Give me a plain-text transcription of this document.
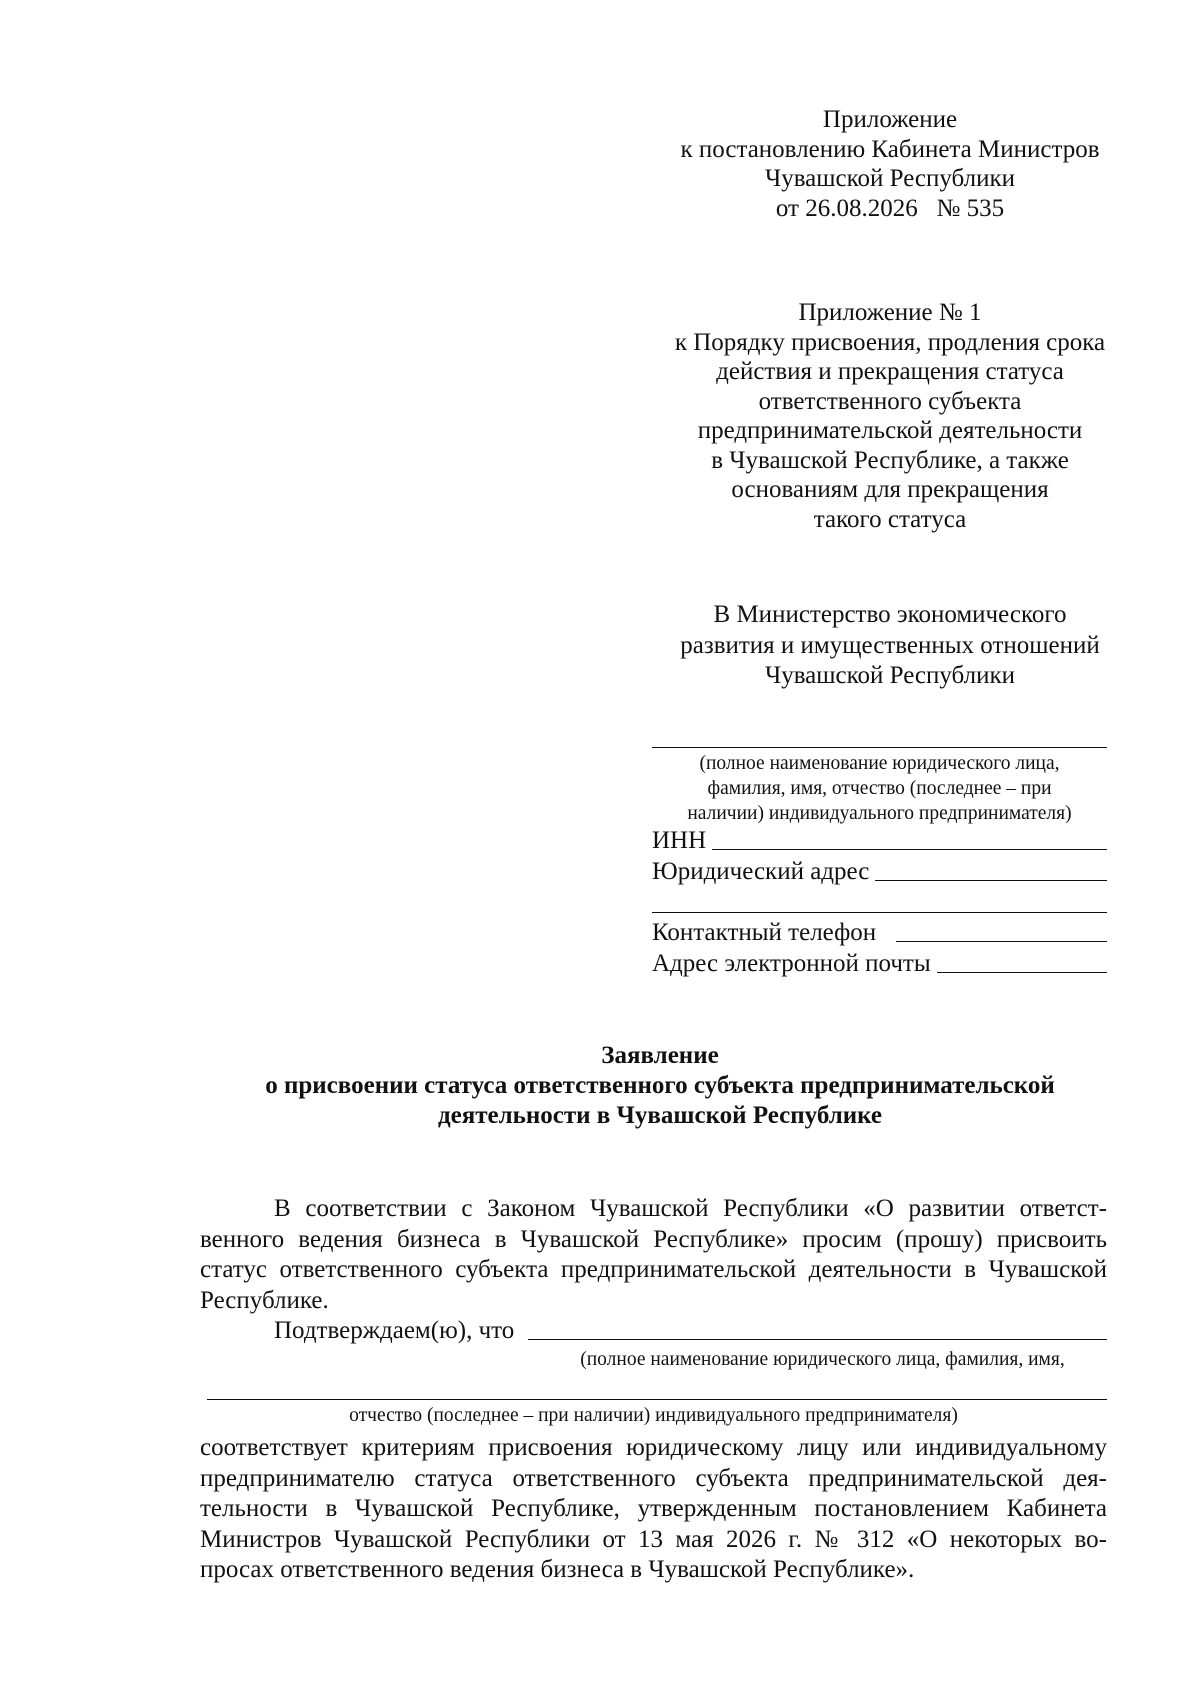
Приложение
к постановлению Кабинета Министров
Чувашской Республики
от 26.08.2026   № 535
Приложение № 1
к Порядку присвоения, продления срока
действия и прекращения статуса
ответственного субъекта
предпринимательской деятельности
в Чувашской Республике, а также
основаниям для прекращения
такого статуса
В Министерство экономического
развития и имущественных отношений
Чувашской Республики
(полное наименование юридического лица,
фамилия, имя, отчество (последнее – при
наличии) индивидуального предпринимателя)
ИНН
Юридический адрес
Контактный телефон
Адрес электронной почты
Заявление
о присвоении статуса ответственного субъекта предпринимательской
деятельности в Чувашской Республике
В соответствии с Законом Чувашской Республики «О развитии ответст- венного ведения бизнеса в Чувашской Республике» просим (прошу) присвоить статус ответственного субъекта предпринимательской деятельности в Чувашской Республике.
Подтверждаем(ю), что
(полное наименование юридического лица, фамилия, имя,
отчество (последнее – при наличии) индивидуального предпринимателя)
соответствует критериям присвоения юридическому лицу или индивидуальному предпринимателю статуса ответственного субъекта предпринимательской дея- тельности в Чувашской Республике, утвержденным постановлением Кабинета Министров Чувашской Республики от 13 мая 2026 г. № 312 «О некоторых во- просах ответственного ведения бизнеса в Чувашской Республике».
